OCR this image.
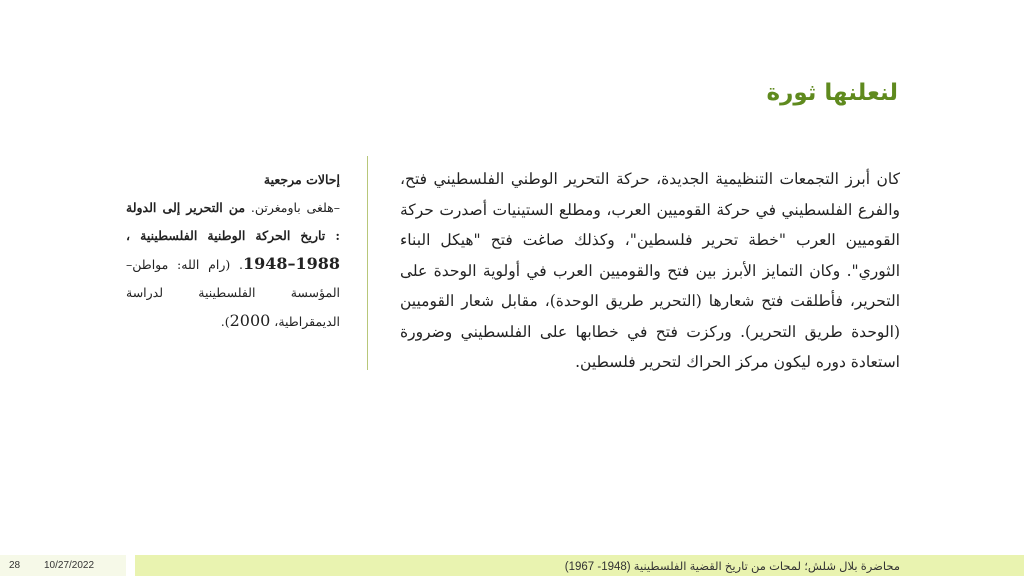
لنعلنها ثورة
كان أبرز التجمعات التنظيمية الجديدة، حركة التحرير الوطني الفلسطيني فتح، والفرع الفلسطيني في حركة القوميين العرب، ومطلع الستينيات أصدرت حركة القوميين العرب "خطة تحرير فلسطين"، وكذلك صاغت فتح "هيكل البناء الثوري". وكان التمايز الأبرز بين فتح والقوميين العرب في أولوية الوحدة على التحرير، فأطلقت فتح شعارها (التحرير طريق الوحدة)، مقابل شعار القوميين (الوحدة طريق التحرير). وركزت فتح في خطابها على الفلسطيني وضرورة استعادة دوره ليكون مركز الحراك لتحرير فلسطين.
إحالات مرجعية
–هلغى باومغرتن. من التحرير إلى الدولة : تاريخ الحركة الوطنية الفلسطينية ، 1948–1988. (رام الله: مواطن– المؤسسة الفلسطينية لدراسة الديمقراطية، 2000).
28 10/27/2022	محاضرة بلال شلش؛ لمحات من تاريخ القضية الفلسطينية (1948- 1967)
